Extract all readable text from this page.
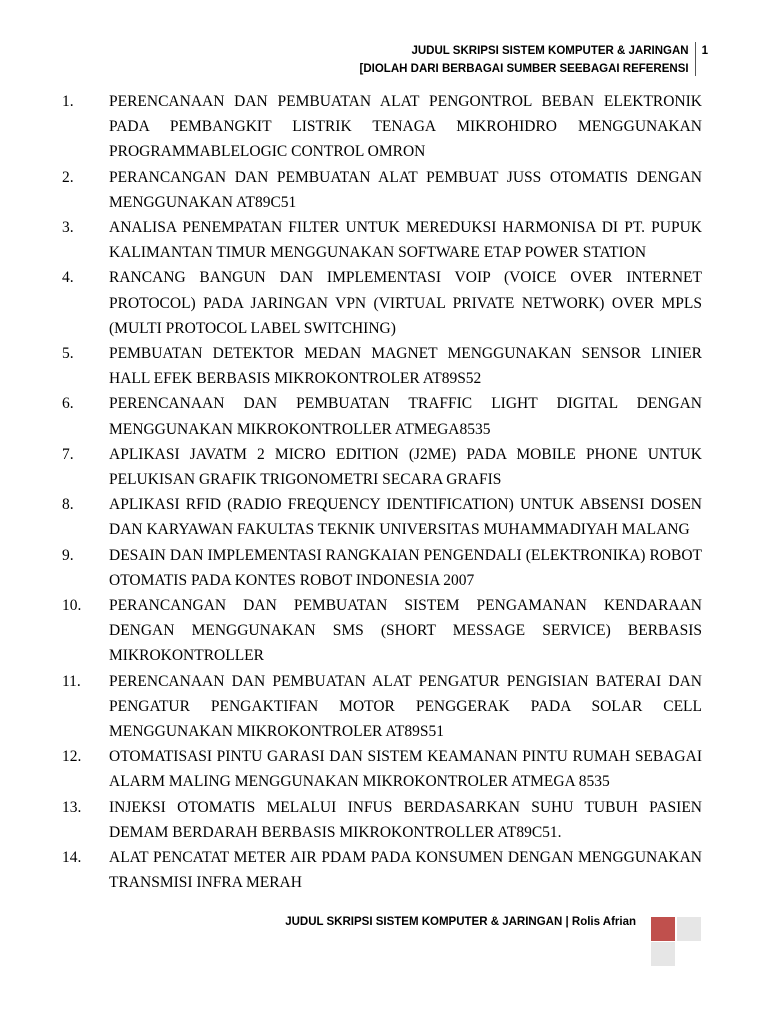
JUDUL SKRIPSI SISTEM KOMPUTER & JARINGAN
[DIOLAH DARI BERBAGAI SUMBER SEEBAGAI REFERENSI
1
1.	PERENCANAAN DAN PEMBUATAN ALAT PENGONTROL BEBAN ELEKTRONIK PADA PEMBANGKIT LISTRIK TENAGA MIKROHIDRO MENGGUNAKAN PROGRAMMABLELOGIC CONTROL OMRON
2.	PERANCANGAN DAN PEMBUATAN ALAT PEMBUAT JUSS OTOMATIS DENGAN MENGGUNAKAN AT89C51
3.	ANALISA PENEMPATAN FILTER UNTUK MEREDUKSI HARMONISA DI PT. PUPUK KALIMANTAN TIMUR MENGGUNAKAN SOFTWARE ETAP POWER STATION
4.	RANCANG BANGUN DAN IMPLEMENTASI VOIP (VOICE OVER INTERNET PROTOCOL) PADA JARINGAN VPN (VIRTUAL PRIVATE NETWORK) OVER MPLS (MULTI PROTOCOL LABEL SWITCHING)
5.	PEMBUATAN DETEKTOR MEDAN MAGNET MENGGUNAKAN SENSOR LINIER HALL EFEK BERBASIS MIKROKONTROLER AT89S52
6.	PERENCANAAN DAN PEMBUATAN TRAFFIC LIGHT DIGITAL DENGAN MENGGUNAKAN MIKROKONTROLLER ATMEGA8535
7.	APLIKASI JAVATM 2 MICRO EDITION (J2ME) PADA MOBILE PHONE UNTUK PELUKISAN GRAFIK TRIGONOMETRI SECARA GRAFIS
8.	APLIKASI RFID (RADIO FREQUENCY IDENTIFICATION) UNTUK ABSENSI DOSEN DAN KARYAWAN FAKULTAS TEKNIK UNIVERSITAS MUHAMMADIYAH MALANG
9.	DESAIN DAN IMPLEMENTASI RANGKAIAN PENGENDALI (ELEKTRONIKA) ROBOT OTOMATIS PADA KONTES ROBOT INDONESIA 2007
10.	PERANCANGAN DAN PEMBUATAN SISTEM PENGAMANAN KENDARAAN DENGAN MENGGUNAKAN SMS (SHORT MESSAGE SERVICE) BERBASIS MIKROKONTROLLER
11.	PERENCANAAN DAN PEMBUATAN ALAT PENGATUR PENGISIAN BATERAI DAN PENGATUR PENGAKTIFAN MOTOR PENGGERAK PADA SOLAR CELL MENGGUNAKAN MIKROKONTROLER AT89S51
12.	OTOMATISASI PINTU GARASI DAN SISTEM KEAMANAN PINTU RUMAH SEBAGAI ALARM MALING MENGGUNAKAN MIKROKONTROLER ATMEGA 8535
13.	INJEKSI OTOMATIS MELALUI INFUS BERDASARKAN SUHU TUBUH PASIEN DEMAM BERDARAH BERBASIS MIKROKONTROLLER AT89C51.
14.	ALAT PENCATAT METER AIR PDAM PADA KONSUMEN DENGAN MENGGUNAKAN TRANSMISI INFRA MERAH
JUDUL SKRIPSI SISTEM KOMPUTER & JARINGAN | Rolis Afrian
